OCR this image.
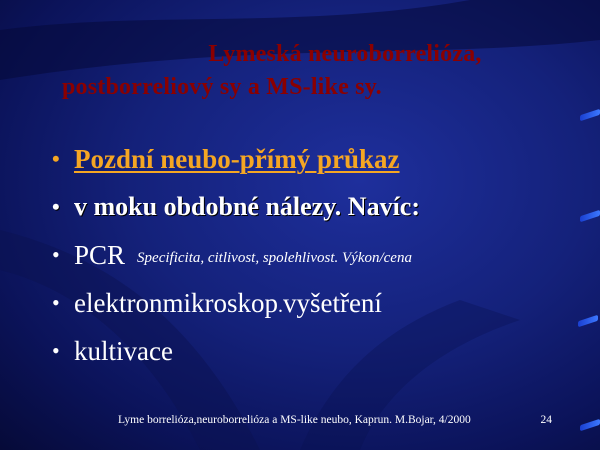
Lymeská neuroborrelióza,
postborreliový sy a MS-like sy.
• Pozdní neubo-přímý průkaz
• v moku obdobné nálezy. Navíc:
• PCR Specificita, citlivost, spolehlivost. Výkon/cena
• elektronmikroskop.vyšetření
• kultivace
Lyme borrelióza,neuroborrelióza a MS-like neubo, Kaprun. M.Bojar, 4/2000	24
